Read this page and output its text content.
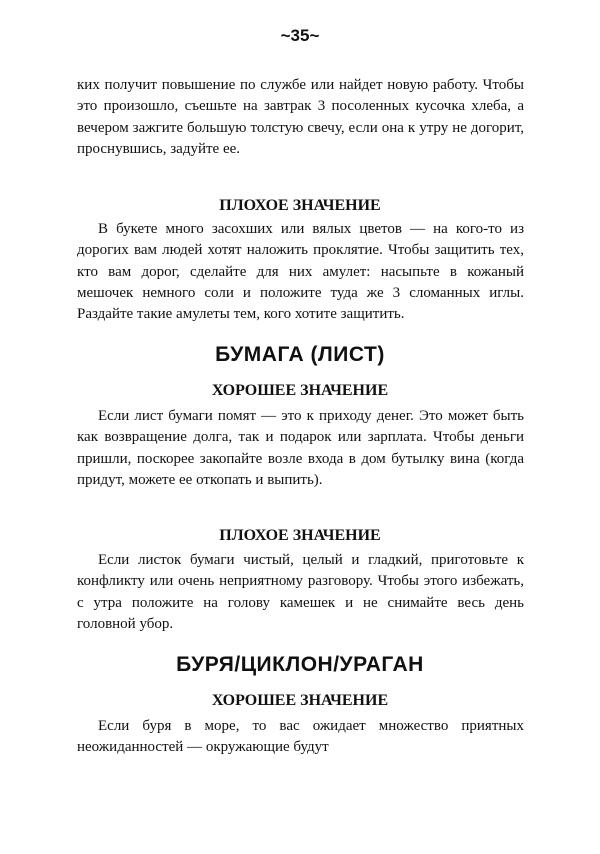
~35~

ких получит повышение по службе или найдет новую работу. Чтобы это произошло, съешьте на завтрак 3 посоленных кусочка хлеба, а вечером зажгите большую толстую свечу, если она к утру не догорит, проснувшись, задуйте ее.

ПЛОХОЕ ЗНАЧЕНИЕ

В букете много засохших или вялых цветов — на кого-то из дорогих вам людей хотят наложить проклятие. Чтобы защитить тех, кто вам дорог, сделайте для них амулет: насыпьте в кожаный мешочек немного соли и положите туда же 3 сломанных иглы. Раздайте такие амулеты тем, кого хотите защитить.

БУМАГА (ЛИСТ)
ХОРОШЕЕ ЗНАЧЕНИЕ

Если лист бумаги помят — это к приходу денег. Это может быть как возвращение долга, так и подарок или зарплата. Чтобы деньги пришли, поскорее закопайте возле входа в дом бутылку вина (когда придут, можете ее откопать и выпить).

ПЛОХОЕ ЗНАЧЕНИЕ

Если листок бумаги чистый, целый и гладкий, приготовьте к конфликту или очень неприятному разговору. Чтобы этого избежать, с утра положите на голову камешек и не снимайте весь день головной убор.

БУРЯ/ЦИКЛОН/УРАГАН
ХОРОШЕЕ ЗНАЧЕНИЕ

Если буря в море, то вас ожидает множество приятных неожиданностей — окружающие будут
